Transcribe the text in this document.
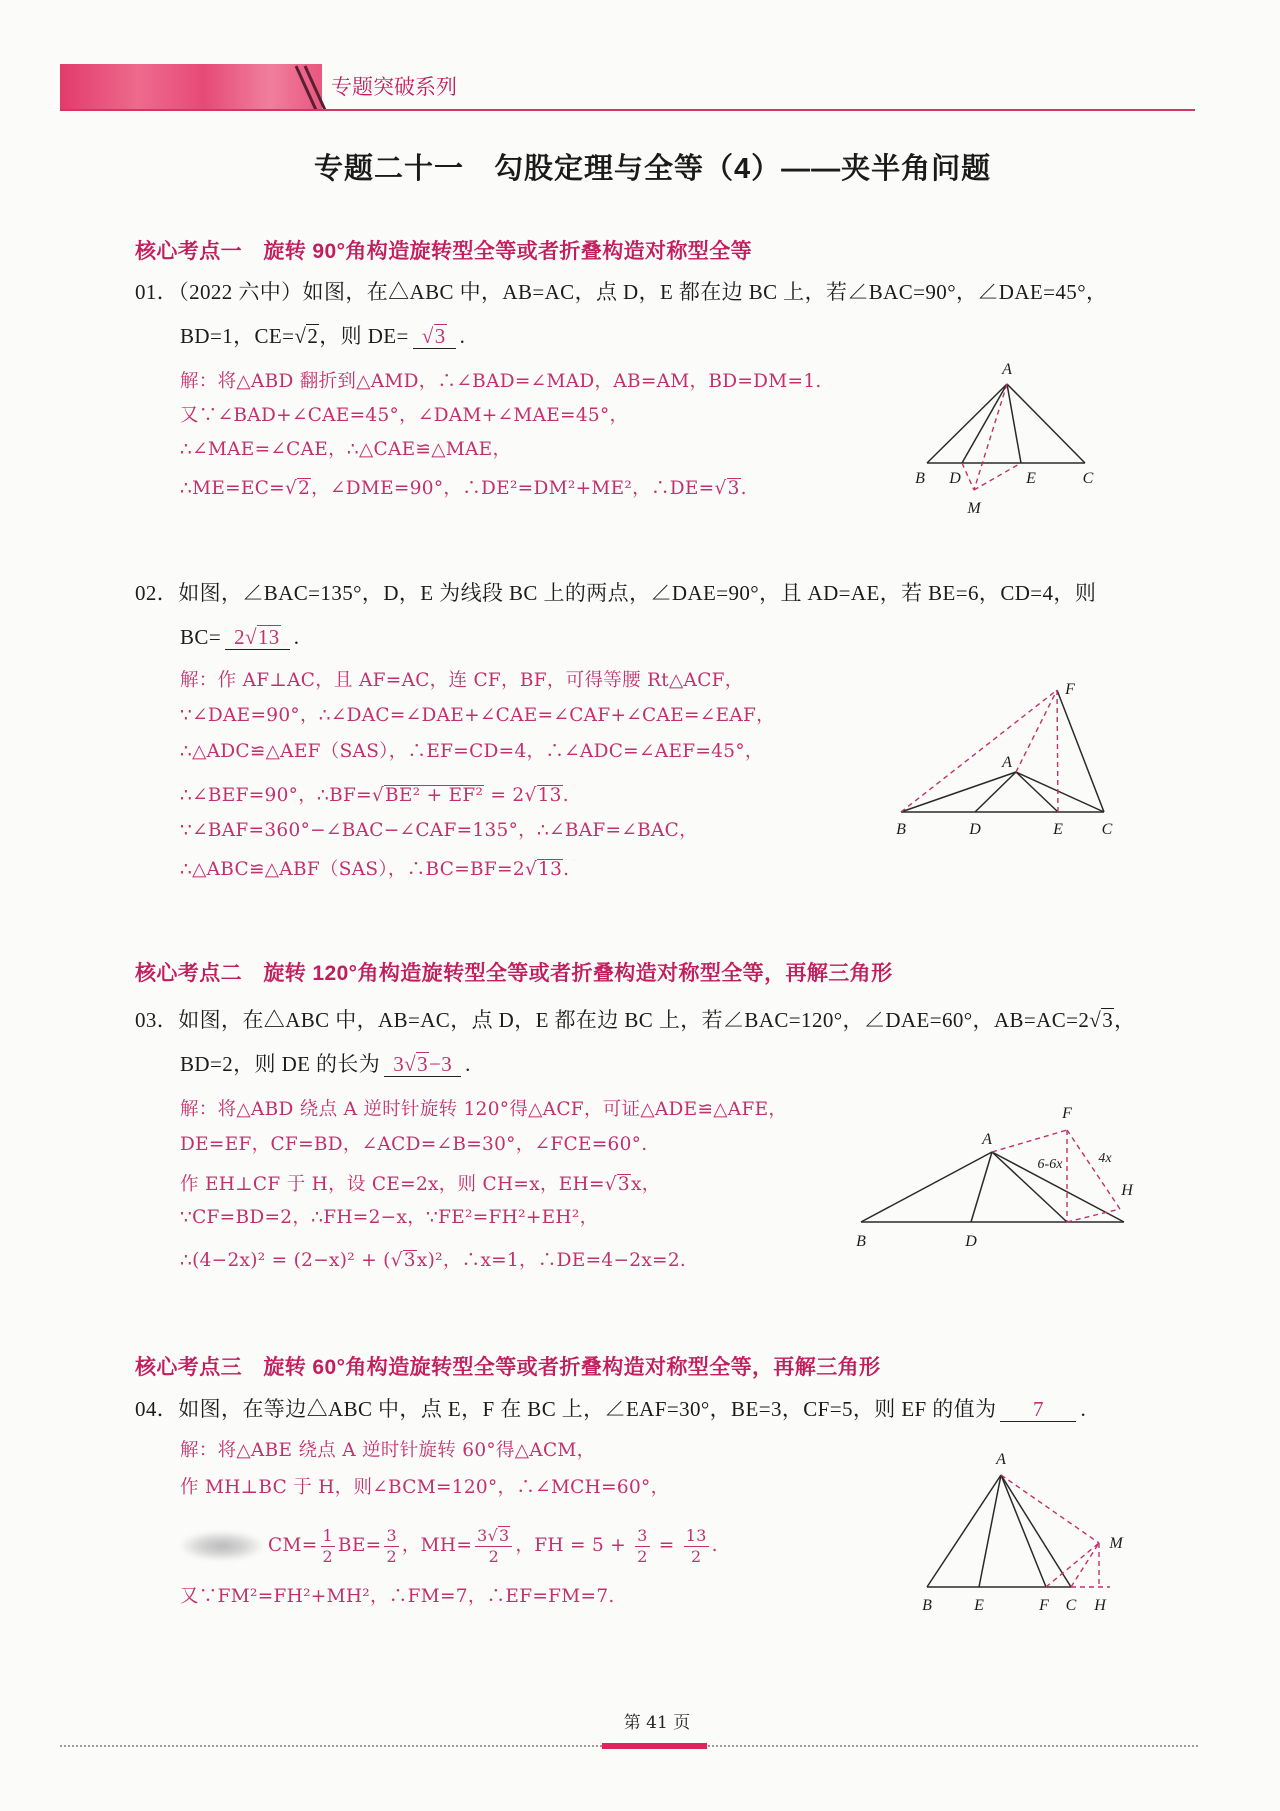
专题突破系列
专题二十一　勾股定理与全等（4）——夹半角问题
核心考点一　旋转 90°角构造旋转型全等或者折叠构造对称型全等
01．（2022 六中）如图，在△ABC 中，AB=AC，点 D，E 都在边 BC 上，若∠BAC=90°，∠DAE=45°，
BD=1，CE= √ 2，则 DE= √ 3 .
解：将△ABD 翻折到△AMD，∴∠BAD=∠MAD，AB=AM，BD=DM=1.
又∵∠BAD+∠CAE=45°，∠DAM+∠MAE=45°，
∴∠MAE=∠CAE，∴△CAE≌△MAE，
∴ME=EC= √ 2，∠DME=90°，∴DE²=DM²+ME²，∴DE= √ 3.
A
B D	E	C
M
02．如图，∠BAC=135°，D，E 为线段 BC 上的两点，∠DAE=90°，且 AD=AE，若 BE=6，CD=4，则
BC= 2 √ 13 .
解：作 AF⊥AC，且 AF=AC，连 CF，BF，可得等腰 Rt△ACF，
∵∠DAE=90°，∴∠DAC=∠DAE+∠CAE=∠CAF+∠CAE=∠EAF，
∴△ADC≌△AEF（SAS），∴EF=CD=4，∴∠ADC=∠AEF=45°，
∴∠BEF=90°，∴BF= √ BE² + EF² = 2 √ 13.
∵∠BAF=360°−∠BAC−∠CAF=135°，∴∠BAF=∠BAC，
∴△ABC≌△ABF（SAS），∴BC=BF=2 √ 13.
F
A
B	D	E C
核心考点二　旋转 120°角构造旋转型全等或者折叠构造对称型全等，再解三角形
03．如图，在△ABC 中，AB=AC，点 D，E 都在边 BC 上，若∠BAC=120°，∠DAE=60°，AB=AC=2 √ 3，
BD=2，则 DE 的长为 3 √ 3−3 .
解：将△ABD 绕点 A 逆时针旋转 120°得△ACF，可证△ADE≌△AFE，
DE=EF，CF=BD，∠ACD=∠B=30°，∠FCE=60°.
作 EH⊥CF 于 H，设 CE=2x，则 CH=x，EH= √ 3x，
∵CF=BD=2，∴FH=2−x，∵FE²=FH²+EH²，
∴(4−2x)² = (2−x)² + ( √ 3x)²，∴x=1，∴DE=4−2x=2.
A
F
B	D
H
6-6x	4x
核心考点三　旋转 60°角构造旋转型全等或者折叠构造对称型全等，再解三角形
04．如图，在等边△ABC 中，点 E，F 在 BC 上，∠EAF=30°，BE=3，CF=5，则 EF 的值为 7 .
解：将△ABE 绕点 A 逆时针旋转 60°得△ACM，
作 MH⊥BC 于 H，则∠BCM=120°，∴∠MCH=60°，
$CM= \frac{1}{2} BE= \frac{3}{2}$ ，$MH= \frac{3 √ 3}{2}$ ，FH = $5 + \frac{3}{2} = \frac{13}{2}$ .
又∵FM²=FH²+MH²，∴FM=7，∴EF=FM=7.
A
M
B	E	F C H
第 41 页
